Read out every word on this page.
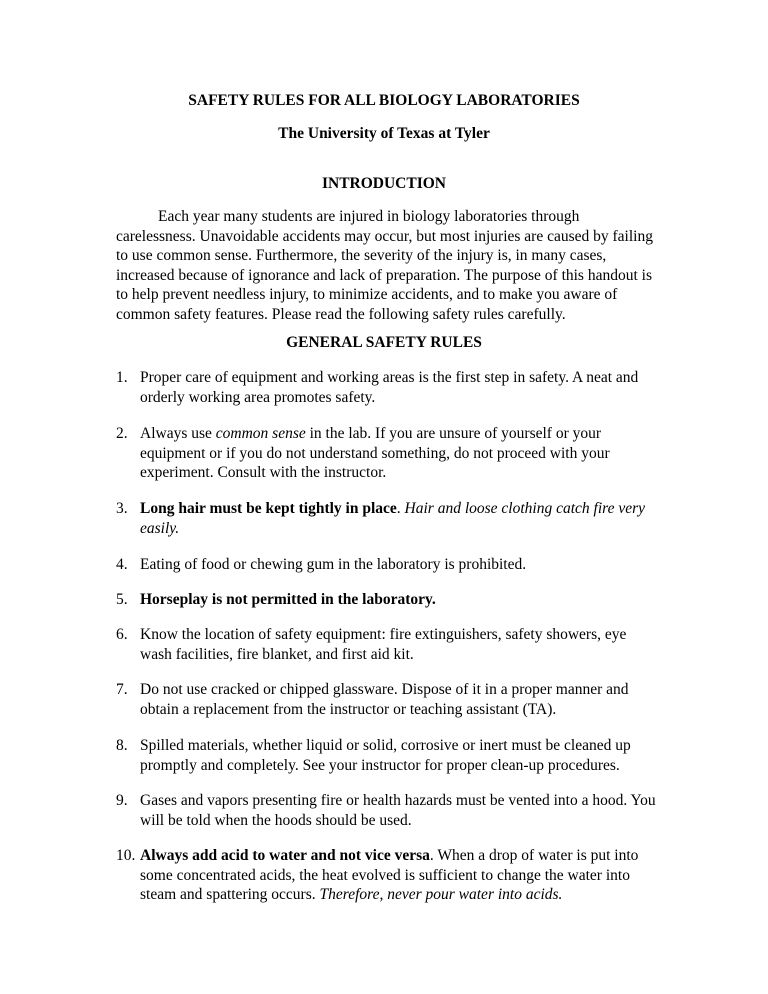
SAFETY RULES FOR ALL BIOLOGY LABORATORIES
The University of Texas at Tyler
INTRODUCTION
Each year many students are injured in biology laboratories through carelessness. Unavoidable accidents may occur, but most injuries are caused by failing to use common sense. Furthermore, the severity of the injury is, in many cases, increased because of ignorance and lack of preparation. The purpose of this handout is to help prevent needless injury, to minimize accidents, and to make you aware of common safety features. Please read the following safety rules carefully.
GENERAL SAFETY RULES
1. Proper care of equipment and working areas is the first step in safety. A neat and orderly working area promotes safety.
2. Always use common sense in the lab. If you are unsure of yourself or your equipment or if you do not understand something, do not proceed with your experiment. Consult with the instructor.
3. Long hair must be kept tightly in place. Hair and loose clothing catch fire very easily.
4. Eating of food or chewing gum in the laboratory is prohibited.
5. Horseplay is not permitted in the laboratory.
6. Know the location of safety equipment: fire extinguishers, safety showers, eye wash facilities, fire blanket, and first aid kit.
7. Do not use cracked or chipped glassware. Dispose of it in a proper manner and obtain a replacement from the instructor or teaching assistant (TA).
8. Spilled materials, whether liquid or solid, corrosive or inert must be cleaned up promptly and completely. See your instructor for proper clean-up procedures.
9. Gases and vapors presenting fire or health hazards must be vented into a hood. You will be told when the hoods should be used.
10. Always add acid to water and not vice versa. When a drop of water is put into some concentrated acids, the heat evolved is sufficient to change the water into steam and spattering occurs. Therefore, never pour water into acids.
